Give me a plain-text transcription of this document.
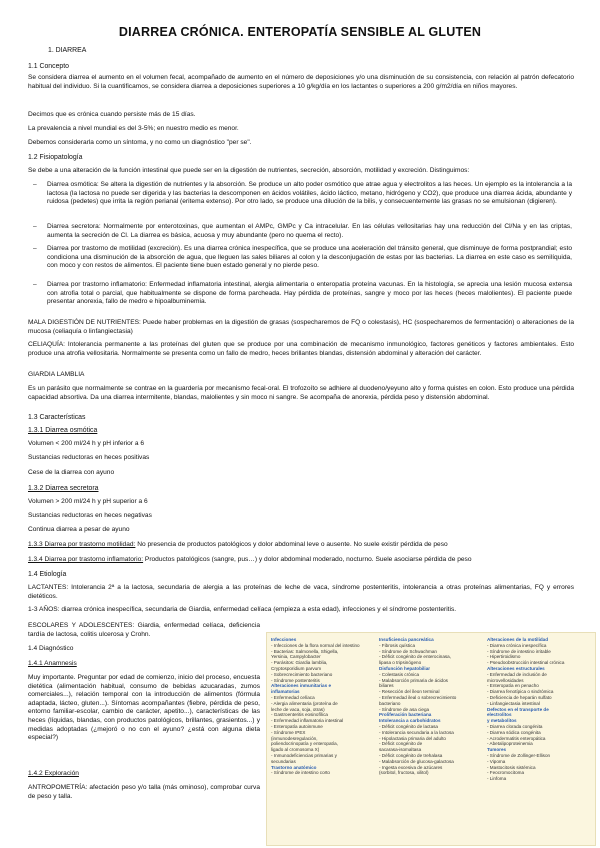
DIARREA CRÓNICA. ENTEROPATÍA SENSIBLE AL GLUTEN

1. DIARREA

1.1 Concepto

Se considera diarrea el aumento en el volumen fecal, acompañado de aumento en el número de deposiciones y/o una disminución de su consistencia, con relación al patrón defecatorio habitual del individuo. Si la cuantificamos, se considera diarrea a deposiciones superiores a 10 g/kg/día en los lactantes o superiores a 200 g/m2/día en niños mayores.

Decimos que es crónica cuando persiste más de 15 días.

La prevalencia a nivel mundial es del 3-5%; en nuestro medio es menor.

Debemos considerarla como un síntoma, y no como un diagnóstico "per se".

1.2 Fisiopatología

Se debe a una alteración de la función intestinal que puede ser en la digestión de nutrientes, secreción, absorción, motilidad y excreción. Distinguimos:

– Diarrea osmótica: Se altera la digestión de nutrientes y la absorción. Se produce un alto poder osmótico que atrae agua y electrolitos a las heces. Un ejemplo es la intolerancia a la lactosa (la lactosa no puede ser digerida y las bacterias la descomponen en ácidos volátiles, ácido láctico, metano, hidrógeno y CO2), que produce una diarrea ácida, abundante y ruidosa (pedetes) que irrita la región perianal (eritema extenso). Por otro lado, se produce una dilución de la bilis, y consecuentemente las grasas no se emulsionan (digieren).
– Diarrea secretora: Normalmente por enterotoxinas, que aumentan el AMPc, GMPc y Ca intracelular. En las células vellositarias hay una reducción del Cl/Na y en las criptas, aumenta la secreción de Cl. La diarrea es básica, acuosa y muy abundante (pero no quema el recto).
– Diarrea por trastorno de motilidad (excreción). Es una diarrea crónica inespecífica, que se produce una aceleración del tránsito general, que disminuye de forma postprandial; esto condiciona una disminución de la absorción de agua, que lleguen las sales biliares al colon y la desconjugación de estas por las bacterias. La diarrea en este caso es semilíquida, con moco y con restos de alimentos. El paciente tiene buen estado general y no pierde peso.
– Diarrea por trastorno inflamatorio: Enfermedad inflamatoria intestinal, alergia alimentaria o enteropatía proteína vacunas. En la histología, se aprecia una lesión mucosa extensa con atrofia total o parcial, que habitualmente se dispone de forma parcheada. Hay pérdida de proteínas, sangre y moco por las heces (heces malolientes). El paciente puede presentar anorexia, fallo de medro e hipoalbuminemia.

MALA DIGESTIÓN DE NUTRIENTES: Puede haber problemas en la digestión de grasas (sospecharemos de FQ o colestasis), HC (sospecharemos de fermentación) o alteraciones de la mucosa (celiaquía o linfangiectasia)

CELIAQUÍA: Intolerancia permanente a las proteínas del gluten que se produce por una combinación de mecanismo inmunológico, factores genéticos y factores ambientales. Esto produce una atrofia vellositaria. Normalmente se presenta como un fallo de medro, heces brillantes blandas, distensión abdominal y alteración del carácter.

GIARDIA LAMBLIA

Es un parásito que normalmente se contrae en la guardería por mecanismo fecal-oral. El trofozoíto se adhiere al duodeno/yeyuno alto y forma quistes en colon. Esto produce una pérdida capacidad absortiva. Da una diarrea intermitente, blandas, malolientes y sin moco ni sangre. Se acompaña de anorexia, pérdida peso y distensión abdominal.

1.3 Características

1.3.1 Diarrea osmótica

Volumen < 200 ml/24 h y pH inferior a 6

Sustancias reductoras en heces positivas

Cese de la diarrea con ayuno

1.3.2 Diarrea secretora

Volumen > 200 ml/24 h y pH superior a 6

Sustancias reductoras en heces negativas

Continua diarrea a pesar de ayuno

1.3.3 Diarrea por trastorno motilidad: No presencia de productos patológicos y dolor abdominal leve o ausente. No suele existir pérdida de peso

1.3.4 Diarrea por trastorno inflamatorio: Productos patológicos (sangre, pus…) y dolor abdominal moderado, nocturno. Suele asociarse pérdida de peso

1.4 Etiología

LACTANTES: Intolerancia 2ª a la lactosa, secundaria de alergia a las proteínas de leche de vaca, síndrome postenteritis, intolerancia a otras proteínas alimentarias, FQ y errores dietéticos.

1-3 AÑOS: diarrea crónica inespecífica, secundaria de Giardia, enfermedad celíaca (empieza a esta edad), infecciones y el síndrome postenteritis.

ESCOLARES Y ADOLESCENTES: Giardia, enfermedad celíaca, deficiencia tardía de lactosa, colitis ulcerosa y Crohn.

1.4 Diagnóstico

1.4.1 Anamnesis

Muy importante. Preguntar por edad de comienzo, inicio del proceso, encuesta dietética (alimentación habitual, consumo de bebidas azucaradas, zumos comerciales...), relación temporal con la introducción de alimentos (fórmula adaptada, lácteo, gluten...). Síntomas acompañantes (fiebre, pérdida de peso, entorno familiar-escolar, cambio de carácter, apetito...), características de las heces (líquidas, blandas, con productos patológicos, brillantes, grasientos...) y medidas adoptadas (¿mejoró o no con el ayuno? ¿está con alguna dieta especial?)

1.4.2 Exploración

ANTROPOMETRÍA: afectación peso y/o talla (más ominoso), comprobar curva de peso y talla.

Infecciones
- Infecciones de la flora normal del intestino
- Bacterias: Salmonella, Shigella,
Yersinia, Campylobacter
- Parásitos: Giardia lamblia,
Cryptosporidium parvum
- Sobrecrecimiento bacteriano
- Síndrome postenteritis
Alteraciones inmunitarias e
inflamatorias
- Enfermedad celíaca
- Alergia alimentaria (proteína de
leche de vaca, soja, otras)
- Gastroenteritis eosinofílica
- Enfermedad inflamatoria intestinal
- Enteropatía autoinmune
- Síndrome IPEX
(inmunodesregulación,
poliendocrinopatía y enteropatía,
ligado al cromosoma X)
- Inmunodeficiencias primarias y
secundarias
Trastorno anatómico
- Síndrome de intestino corto
Insuficiencia pancreática
- Fibrosis quística
- Síndrome de Schwachman
- Déficit congénito de enterocinasa,
lipasa o tripsinógeno
Disfunción hepatobiliar
- Colestasis crónica
- Malabsorción primaria de ácidos
biliares
- Resección del íleon terminal
- Enfermedad ileal o sobrecrecimiento
bacteriano
- Síndrome de asa ciega
Proliferación bacteriana
Intolerancia a carbohidratos
- Déficit congénito de lactasa
- Intolerancia secundaria a la lactosa
- Hipolactasia primaria del adulto
- Déficit congénito de
sacarasa-isomaltasa
- Déficit congénito de trehalasa
- Malabsorción de glucosa-galactosa
- Ingesta excesiva de azúcares
(sorbitol, fructosa, xilitol)
Alteraciones de la motilidad
- Diarrea crónica inespecífica
- Síndrome de intestino irritable
- Hipertiroidismo
- Pseudoobstrucción intestinal crónica
Alteraciones estructurales
- Enfermedad de inclusión de
microvellosidades
- Enteropatía en penacho
- Diarrea fenotípica o sindrómica
- Deficiencia de heparán sulfato
- Linfangiectasia intestinal
Defectos en el transporte de
electrolitos
y metabolitos
- Diarrea clorada congénita
- Diarrea sódica congénita
- Acrodermatitis enteropática
- Abetalipoproteinemia
Tumores
- Síndrome de Zollinger-Ellison
- Vipoma
- Mastocitosis sistémica
- Feocromocitoma
- Linfoma
